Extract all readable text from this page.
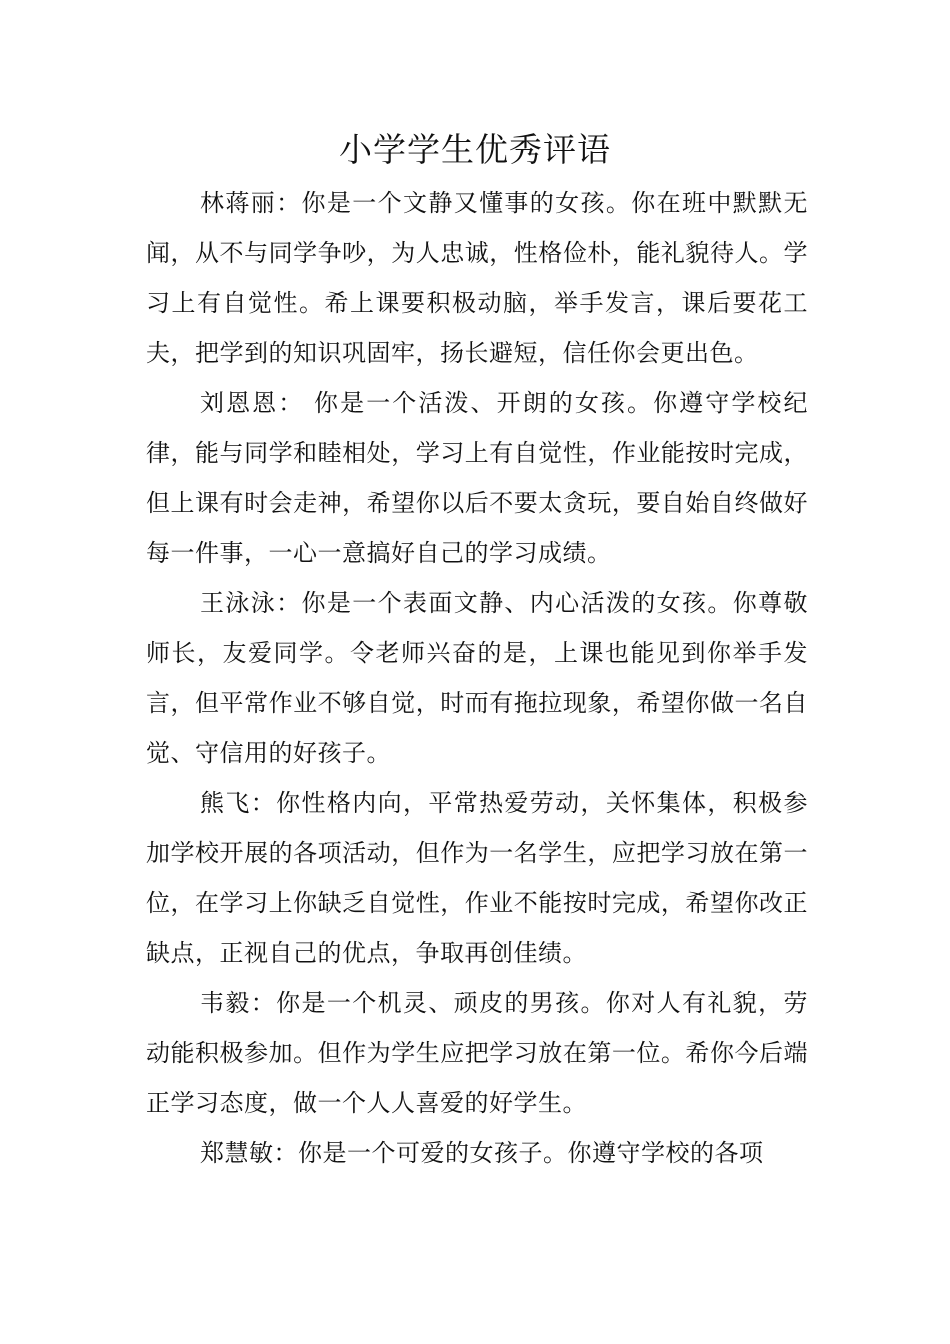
小学学生优秀评语

林蒋丽：你是一个文静又懂事的女孩。你在班中默默无闻，从不与同学争吵，为人忠诚，性格俭朴，能礼貌待人。学习上有自觉性。希上课要积极动脑，举手发言，课后要花工夫，把学到的知识巩固牢，扬长避短，信任你会更出色。

刘恩恩： 你是一个活泼、开朗的女孩。你遵守学校纪律，能与同学和睦相处，学习上有自觉性，作业能按时完成，但上课有时会走神，希望你以后不要太贪玩，要自始自终做好每一件事，一心一意搞好自己的学习成绩。

王泳泳：你是一个表面文静、内心活泼的女孩。你尊敬师长，友爱同学。令老师兴奋的是，上课也能见到你举手发言，但平常作业不够自觉，时而有拖拉现象，希望你做一名自觉、守信用的好孩子。

熊飞：你性格内向，平常热爱劳动，关怀集体，积极参加学校开展的各项活动，但作为一名学生，应把学习放在第一位，在学习上你缺乏自觉性，作业不能按时完成，希望你改正缺点，正视自己的优点，争取再创佳绩。

韦毅：你是一个机灵、顽皮的男孩。你对人有礼貌，劳动能积极参加。但作为学生应把学习放在第一位。希你今后端正学习态度，做一个人人喜爱的好学生。

郑慧敏：你是一个可爱的女孩子。你遵守学校的各项
